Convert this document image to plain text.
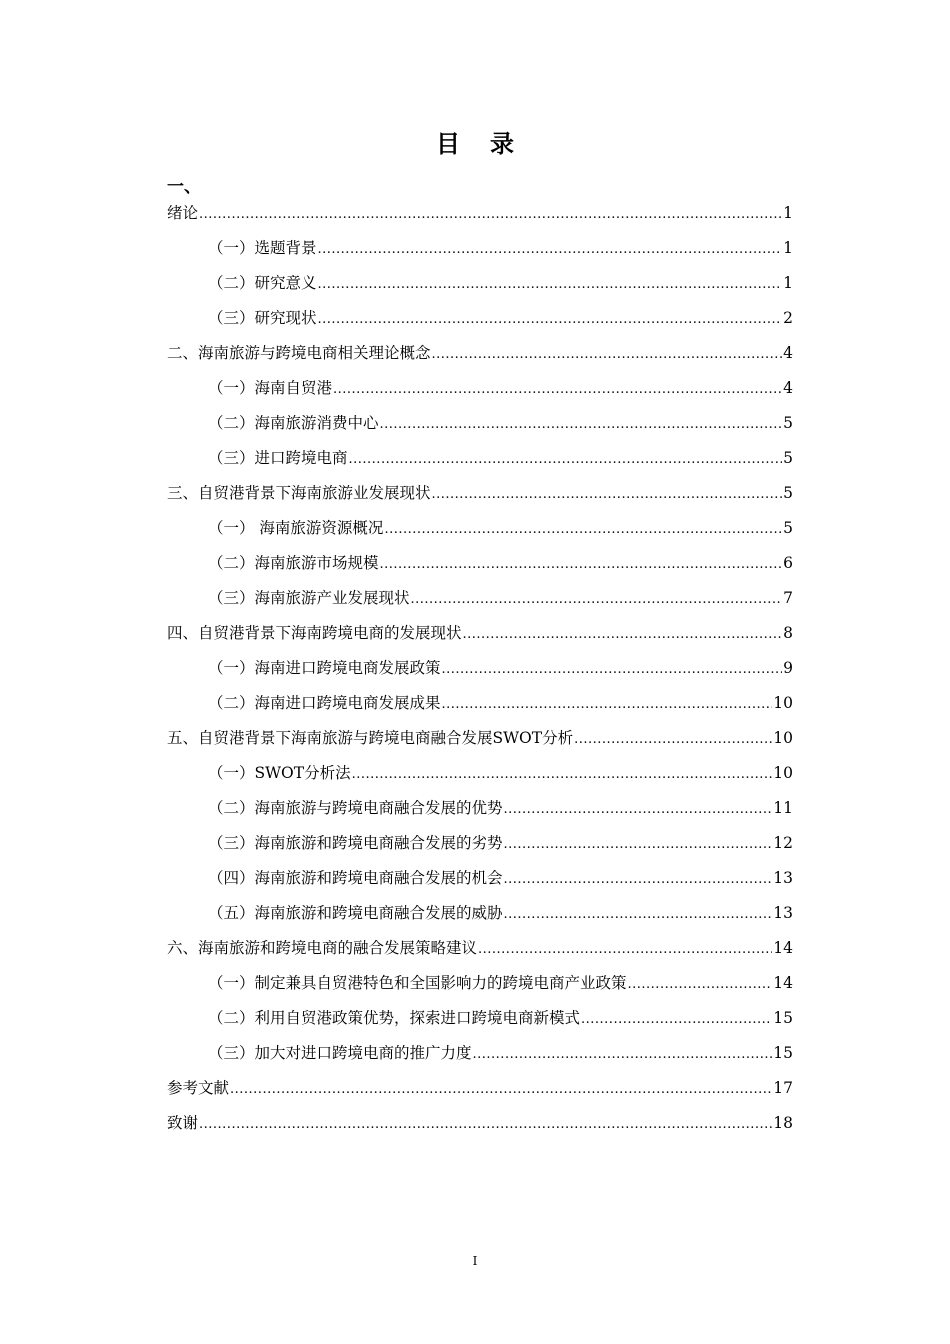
目录
一、
绪论 .....	1
（一）选题背景 .....	1
（二）研究意义 .....	1
（三）研究现状 .....	2
二、海南旅游与跨境电商相关理论概念 .....	4
（一）海南自贸港 .....	4
（二）海南旅游消费中心 .....	5
（三）进口跨境电商 .....	5
三、自贸港背景下海南旅游业发展现状 .....	5
（一） 海南旅游资源概况 .....	5
（二）海南旅游市场规模 .....	6
（三）海南旅游产业发展现状 .....	7
四、自贸港背景下海南跨境电商的发展现状 .....	8
（一）海南进口跨境电商发展政策 .....	9
（二）海南进口跨境电商发展成果 .....	10
五、自贸港背景下海南旅游与跨境电商融合发展SWOT分析 .....	10
（一）SWOT分析法 .....	10
（二）海南旅游与跨境电商融合发展的优势 .....	11
（三）海南旅游和跨境电商融合发展的劣势 .....	12
（四）海南旅游和跨境电商融合发展的机会 .....	13
（五）海南旅游和跨境电商融合发展的威胁 .....	13
六、海南旅游和跨境电商的融合发展策略建议 .....	14
（一）制定兼具自贸港特色和全国影响力的跨境电商产业政策 .....	14
（二）利用自贸港政策优势，探索进口跨境电商新模式 .....	15
（三）加大对进口跨境电商的推广力度 .....	15
参考文献 .....	17
致谢 .....	18
I
